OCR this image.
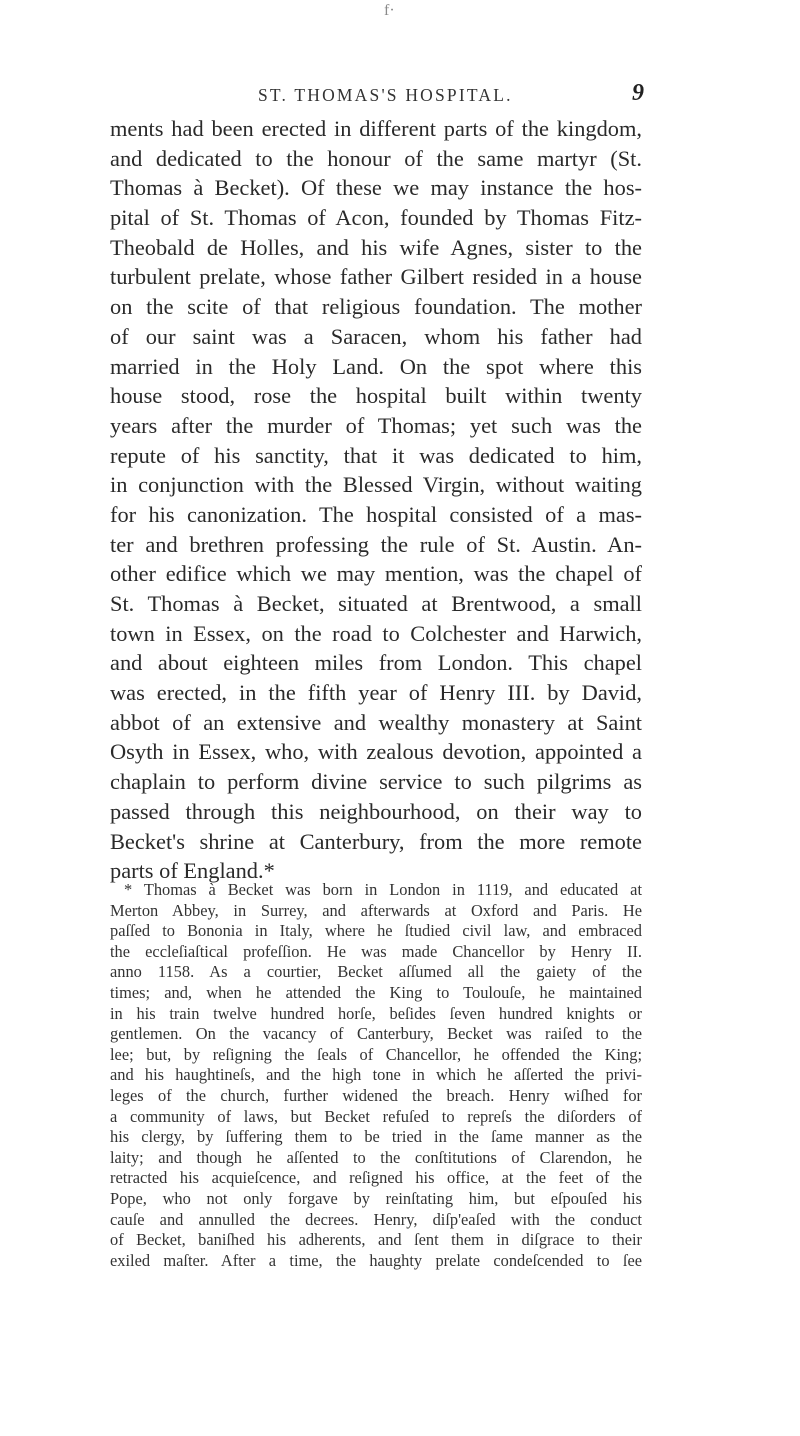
f·
ST. THOMAS'S HOSPITAL.	9
ments had been erected in different parts of the kingdom,
and dedicated to the honour of the same martyr (St.
Thomas à Becket). Of these we may instance the hos-
pital of St. Thomas of Acon, founded by Thomas Fitz-
Theobald de Holles, and his wife Agnes, sister to the
turbulent prelate, whose father Gilbert resided in a house
on the scite of that religious foundation. The mother
of our saint was a Saracen, whom his father had
married in the Holy Land. On the spot where this
house stood, rose the hospital built within twenty
years after the murder of Thomas; yet such was the
repute of his sanctity, that it was dedicated to him,
in conjunction with the Blessed Virgin, without waiting
for his canonization. The hospital consisted of a mas-
ter and brethren professing the rule of St. Austin. An-
other edifice which we may mention, was the chapel of
St. Thomas à Becket, situated at Brentwood, a small
town in Essex, on the road to Colchester and Harwich,
and about eighteen miles from London. This chapel
was erected, in the fifth year of Henry III. by David,
abbot of an extensive and wealthy monastery at Saint
Osyth in Essex, who, with zealous devotion, appointed a
chaplain to perform divine service to such pilgrims as
passed through this neighbourhood, on their way to
Becket's shrine at Canterbury, from the more remote
parts of England.*
* Thomas à Becket was born in London in 1119, and educated at
Merton Abbey, in Surrey, and afterwards at Oxford and Paris. He
paſſed to Bononia in Italy, where he ſtudied civil law, and embraced
the eccleſiaſtical profeſſion. He was made Chancellor by Henry II.
anno 1158. As a courtier, Becket aſſumed all the gaiety of the
times; and, when he attended the King to Toulouſe, he maintained
in his train twelve hundred horſe, beſides ſeven hundred knights or
gentlemen. On the vacancy of Canterbury, Becket was raiſed to the
lee; but, by reſigning the ſeals of Chancellor, he offended the King;
and his haughtineſs, and the high tone in which he aſſerted the privi-
leges of the church, further widened the breach. Henry wiſhed for
a community of laws, but Becket refuſed to repreſs the diſorders of
his clergy, by ſuffering them to be tried in the ſame manner as the
laity; and though he aſſented to the conſtitutions of Clarendon, he
retracted his acquieſcence, and reſigned his office, at the feet of the
Pope, who not only forgave by reinſtating him, but eſpouſed his
cauſe and annulled the decrees. Henry, diſp'eaſed with the conduct
of Becket, baniſhed his adherents, and ſent them in diſgrace to their
exiled maſter. After a time, the haughty prelate condeſcended to ſee
